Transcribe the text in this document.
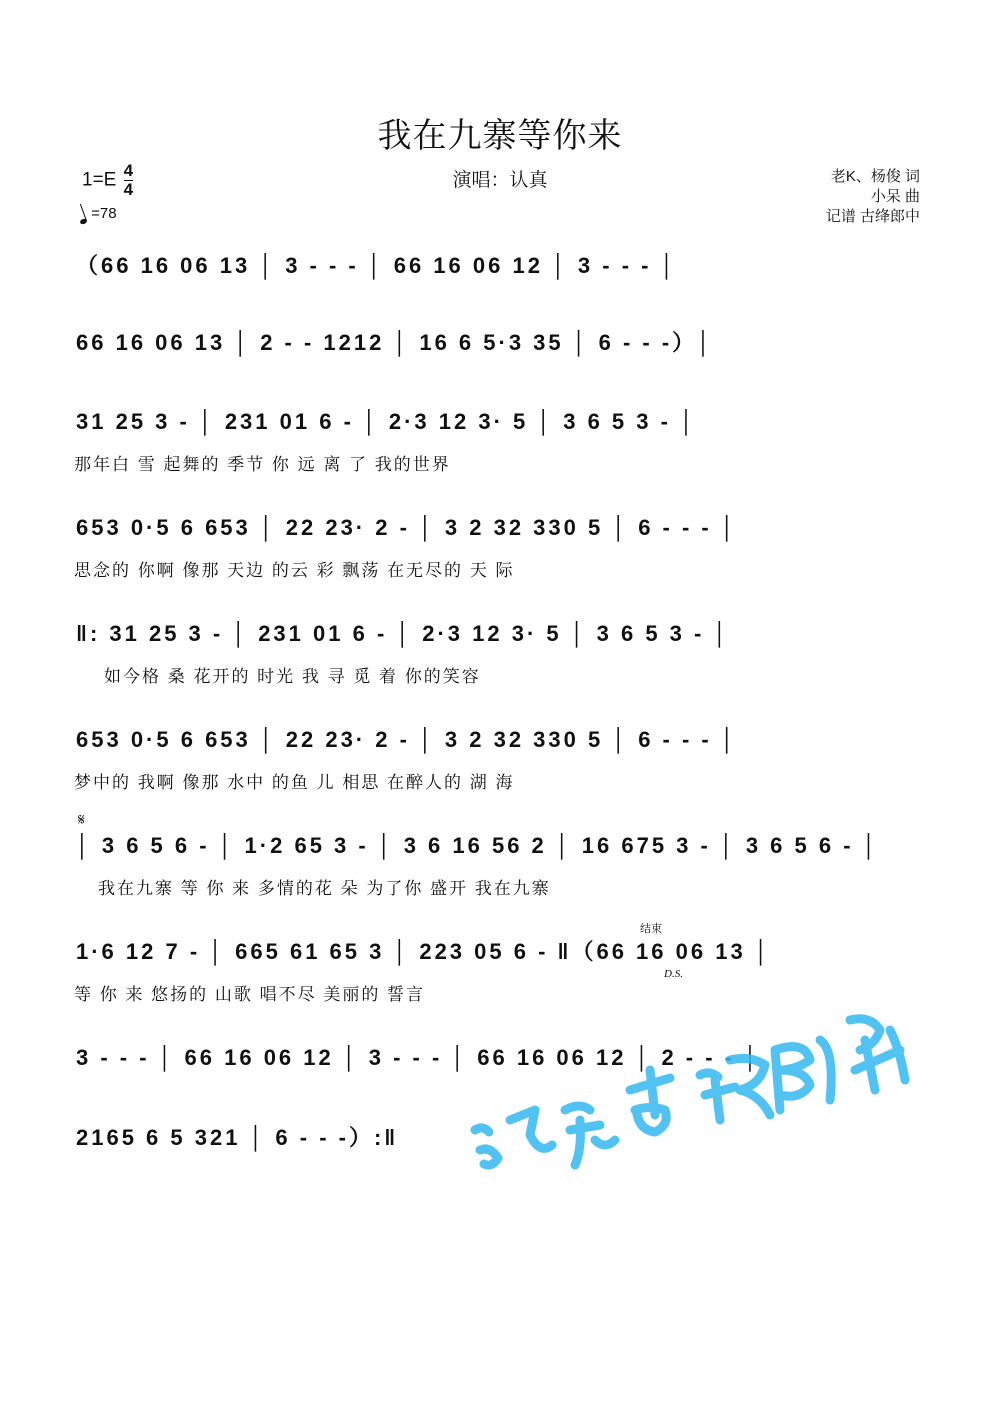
我在九寨等你来
$1=E \frac{4}{4}$
=78
演唱：认真	老K、杨俊 词
小呆 曲
记谱 古绛郎中
（66 16 06 13 │ 3 - - - │ 66 16 06 12 │ 3 - - - │
66 16 06 13 │ 2 - - 1212 │ 16 6 5·3 35 │ 6 - - -）│
31 25 3 - │ 231 01 6 - │ 2·3 12 3· 5 │ 3 6 5 3 - │
那年白 雪 起舞的 季节 你 远 离 了 我的世界
653 0·5 6 653 │ 22 23· 2 - │ 3 2 32 330 5 │ 6 - - - │
思念的 你啊 像那 天边 的云 彩 飘荡 在无尽的 天 际
‖: 31 25 3 - │ 231 01 6 - │ 2·3 12 3· 5 │ 3 6 5 3 - │
如今格 桑 花开的 时光 我 寻 觅 着 你的笑容
653 0·5 6 653 │ 22 23· 2 - │ 3 2 32 330 5 │ 6 - - - │
梦中的 我啊 像那 水中 的鱼 儿 相思 在醉人的 湖 海
𝄋
│ 3 6 5 6 - │ 1·2 65 3 - │ 3 6 16 56 2 │ 16 675 3 - │ 3 6 5 6 - │
我在九寨 等 你 来 多情的花 朵 为了你 盛开 我在九寨
结束
1·6 12 7 - │ 665 61 65 3 │ 223 05 6 - ‖（66 16 06 13 │
D.S.
等 你 来 悠扬的 山歌 唱不尽 美丽的 誓言
3 - - - │ 66 16 06 12 │ 3 - - - │ 66 16 06 12 │ 2 - - - │
2165 6 5 321 │ 6 - - -）:‖
